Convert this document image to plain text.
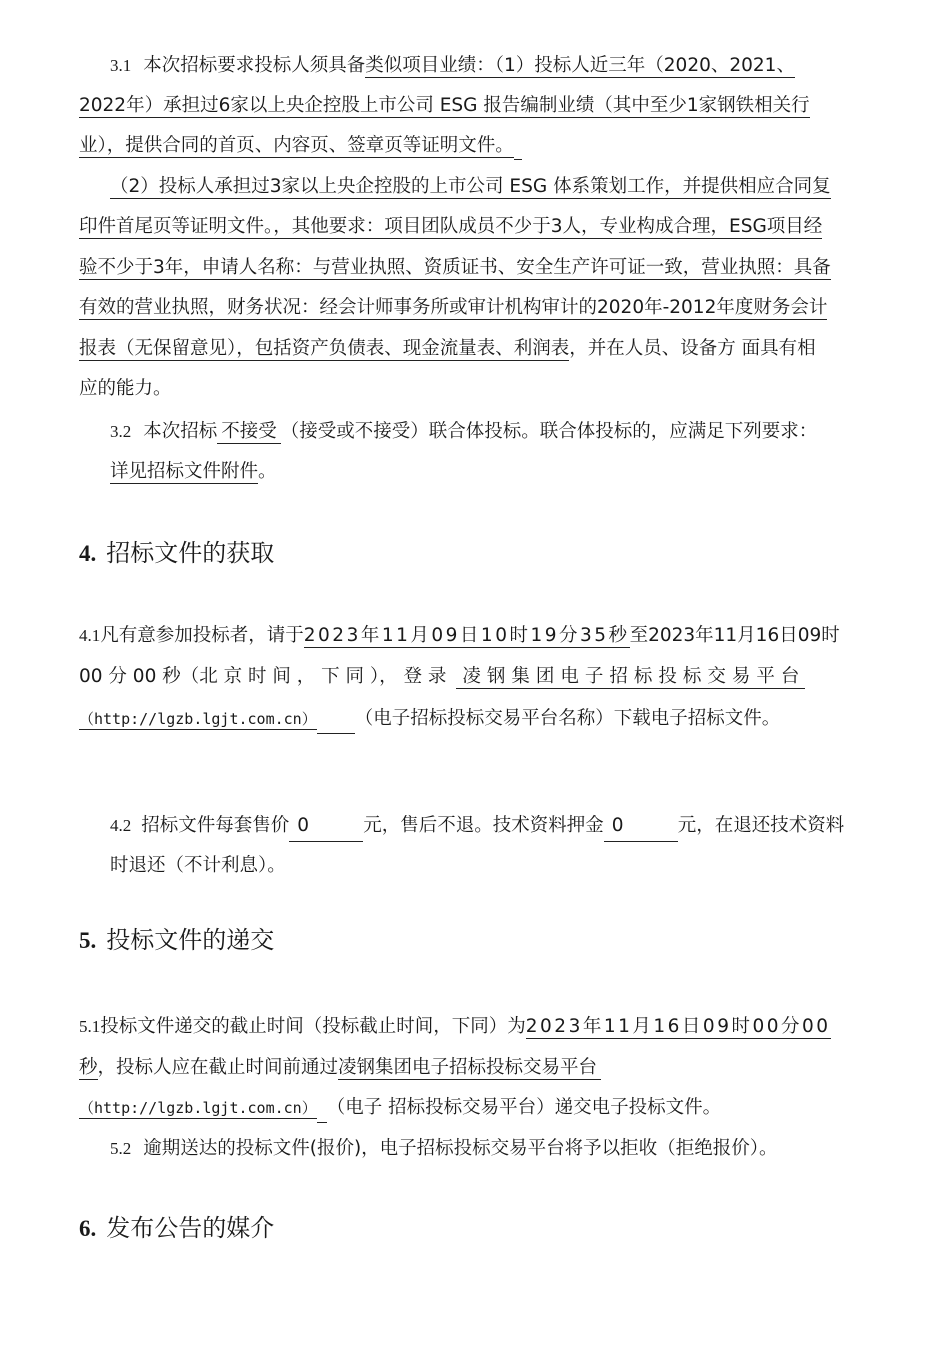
3.1 本次招标要求投标人须具备类似项目业绩：（1）投标人近三年（2020、2021、
2022年）承担过6家以上央企控股上市公司 ESG 报告编制业绩（其中至少1家钢铁相关行
业），提供合同的首页、内容页、签章页等证明文件。
（2）投标人承担过3家以上央企控股的上市公司 ESG 体系策划工作，并提供相应合同复
印件首尾页等证明文件。，其他要求：项目团队成员不少于3人，专业构成合理，ESG项目经
验不少于3年，申请人名称：与营业执照、资质证书、安全生产许可证一致，营业执照：具备
有效的营业执照，财务状况：经会计师事务所或审计机构审计的2020年-2012年度财务会计
报表（无保留意见），包括资产负债表、现金流量表、利润表，并在人员、设备方 面具有相
应的能力。
3.2 本次招标 不接受 （接受或不接受）联合体投标。联合体投标的，应满足下列要求：
详见招标文件附件。
4. 招标文件的获取
4.1凡有意参加投标者，请于2023年11月09日10时19分35秒至2023年11月16日09时
00 分 00 秒（北 京 时 间 ， 下 同 ）， 登 录 凌钢集团电子招标投标交易平台
（http://lgzb.lgjt.com.cn） （电子招标投标交易平台名称）下载电子招标文件。
4.2 招标文件每套售价 0	元，售后不退。技术资料押金 0	元，在退还技术资料
时退还（不计利息）。
5. 投标文件的递交
5.1投标文件递交的截止时间（投标截止时间，下同）为2023年11月16日09时00分00
秒，投标人应在截止时间前通过凌钢集团电子招标投标交易平台
（http://lgzb.lgjt.com.cn） （电子 招标投标交易平台）递交电子投标文件。
5.2 逾期送达的投标文件(报价)，电子招标投标交易平台将予以拒收（拒绝报价）。
6. 发布公告的媒介
